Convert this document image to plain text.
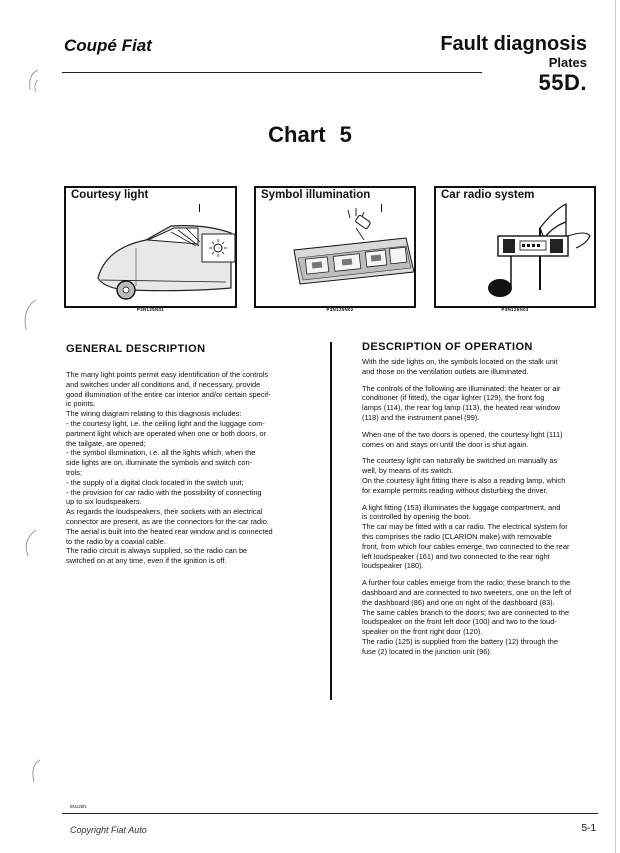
Coupé Fiat	Fault diagnosis
Plates
55D.
Chart 5
Courtesy light
P3N125N01
Symbol illumination
P3N125N02
Car radio system
P3N125N03
GENERAL DESCRIPTION
The many light points permit easy identification of the controls
and switches under all conditions and, if necessary, provide
good illumination of the entire car interior and/or certain specif-
ic points.
The wiring diagram relating to this diagnosis includes:
- the courtesy light, i.e. the ceiling light and the luggage com-
partment light which are operated when one or both doors, or
the tailgate, are opened;
- the symbol illumination, i.e. all the lights which, when the
side lights are on, illuminate the symbols and switch con-
trols;
- the supply of a digital clock located in the switch unit;
- the provision for car radio with the possibility of connecting
up to six loudspeakers.
As regards the loudspeakers, their sockets with an electrical
connector are present, as are the connectors for the car radio.
The aerial is built into the heated rear window and is connected
to the radio by a coaxial cable.
The radio circuit is always supplied, so the radio can be
switched on at any time, even if the ignition is off.
DESCRIPTION OF OPERATION

With the side lights on, the symbols located on the stalk unit
and those on the ventilation outlets are illuminated.

The controls of the following are illuminated: the heater or air
conditioner (if fitted), the cigar lighter (129), the front fog
lamps (114), the rear fog lamp (113), the heated rear window
(118) and the instrument panel (99).

When one of the two doors is opened, the courtesy light (111)
comes on and stays on until the door is shut again.

The courtesy light can naturally be switched on manually as
well, by means of its switch.
On the courtesy light fitting there is also a reading lamp, which
for example permits reading without disturbing the driver.

A light fitting (153) illuminates the luggage compartment, and
is controlled by opening the boot.
The car may be fitted with a car radio. The electrical system for
this comprises the radio (CLARION make) with removable
front, from which four cables emerge, two connected to the rear
left loudspeaker (161) and two connected to the rear right
loudspeaker (180).

A further four cables emerge from the radio; these branch to the
dashboard and are connected to two tweeters, one on the left of
the dashboard (86) and one on right of the dashboard (83).
The same cables branch to the doors; two are connected to the
loudspeaker on the front left door (100) and two to the loud-
speaker on the front right door (120).
The radio (125) is supplied from the battery (12) through the
fuse (2) located in the junction unit (96).

5N125N
Copyright Fiat Auto	5-1
